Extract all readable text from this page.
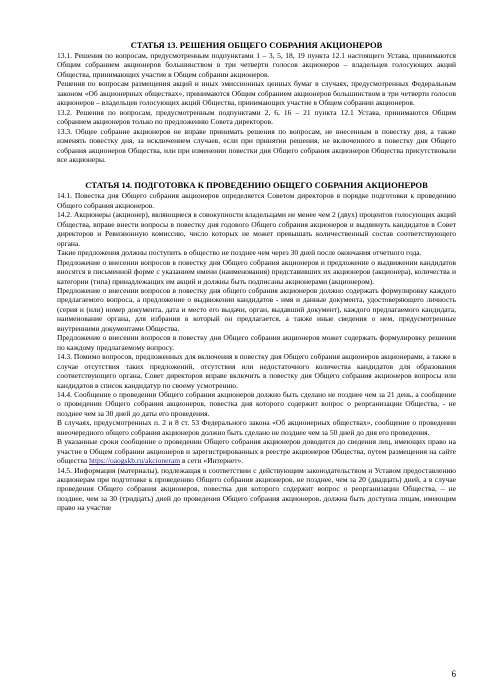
СТАТЬЯ 13. РЕШЕНИЯ ОБЩЕГО СОБРАНИЯ АКЦИОНЕРОВ

13.1. Решения по вопросам, предусмотренным подпунктами 1 – 3, 5, 18, 19 пункта 12.1 настоящего Устава, принимаются Общим собранием акционеров большинством в три четверти голосов акционеров – владельцев голосующих акций Общества, принимающих участие в Общем собрании акционеров.

Решения по вопросам размещения акций и иных эмиссионных ценных бумаг в случаях, предусмотренных Федеральным законом «Об акционерных обществах», принимаются Общим собранием акционеров большинством в три четверти голосов акционеров – владельцев голосующих акций Общества, принимающих участие в Общем собрании акционеров.

13.2. Решения по вопросам, предусмотренным подпунктами 2, 6, 16 – 21 пункта 12.1 Устава, принимаются Общим собранием акционеров только по предложению Совета директоров.

13.3. Общее собрание акционеров не вправе принимать решения по вопросам, не внесенным в повестку дня, а также изменять повестку дня, за исключением случаев, если при принятии решения, не включенного в повестку дня Общего собрания акционеров Общества, или при изменении повестки дня Общего собрания акционеров Общества присутствовали все акционеры.

СТАТЬЯ 14. ПОДГОТОВКА К ПРОВЕДЕНИЮ ОБЩЕГО СОБРАНИЯ АКЦИОНЕРОВ

14.1. Повестка дня Общего собрания акционеров определяется Советом директоров в порядке подготовки к проведению Общего собрания акционеров.

14.2. Акционеры (акционер), являющиеся в совокупности владельцами не менее чем 2 (двух) процентов голосующих акций Общества, вправе внести вопросы в повестку дня годового Общего собрания акционеров и выдвинуть кандидатов в Совет директоров и Ревизионную комиссию, число которых не может превышать количественный состав соответствующего органа.

Такие предложения должны поступить в общество не позднее чем через 30 дней после окончания отчетного года.

Предложение о внесении вопросов в повестку дня Общего собрания акционеров и предложение о выдвижении кандидатов вносятся в письменной форме с указанием имени (наименования) представивших их акционеров (акционера), количества и категории (типа) принадлежащих им акций и должны быть подписаны акционерами (акционером).

Предложение о внесении вопросов в повестку дня общего собрания акционеров должно содержать формулировку каждого предлагаемого вопроса, а предложение о выдвижении кандидатов - имя и данные документа, удостоверяющего личность (серия и (или) номер документа, дата и место его выдачи, орган, выдавший документ), каждого предлагаемого кандидата, наименование органа, для избрания в который он предлагается, а также иные сведения о нем, предусмотренные внутренними документами Общества.

Предложение о внесении вопросов в повестку дня Общего собрания акционеров может содержать формулировку решения по каждому предлагаемому вопросу.

14.3. Помимо вопросов, предложенных для включения в повестку дня Общего собрания акционеров акционерами, а также в случае отсутствия таких предложений, отсутствия или недостаточного количества кандидатов для образования соответствующего органа, Совет директоров вправе включить в повестку дня Общего собрания акционеров вопросы или кандидатов в список кандидатур по своему усмотрению.

14.4. Сообщение о проведении Общего собрания акционеров должно быть сделано не позднее чем за 21 день, а сообщение о проведении Общего собрания акционеров, повестка дня которого содержит вопрос о реорганизации Общества, - не позднее чем за 30 дней до даты его проведения.

В случаях, предусмотренных п. 2 и 8 ст. 53 Федерального закона «Об акционерных обществах», сообщение о проведении внеочередного общего собрания акционеров должно быть сделано не позднее чем за 50 дней до дня его проведения.

В указанные сроки сообщение о проведении Общего собрания акционеров доводится до сведения лиц, имеющих право на участие в Общем собрании акционеров и зарегистрированных в реестре акционеров Общества, путем размещения на сайте общества https://oaogskb.ru/akcioneram в сети «Интернет».

14.5. Информация (материалы), подлежащая в соответствии с действующим законодательством и Уставом предоставлению акционерам при подготовке к проведению Общего собрания акционеров, не позднее, чем за 20 (двадцать) дней, а в случае проведения Общего собрания акционеров, повестка дня которого содержит вопрос о реорганизации Общества, – не позднее, чем за 30 (тридцать) дней до проведения Общего собрания акционеров, должна быть доступна лицам, имеющим право на участие

6
